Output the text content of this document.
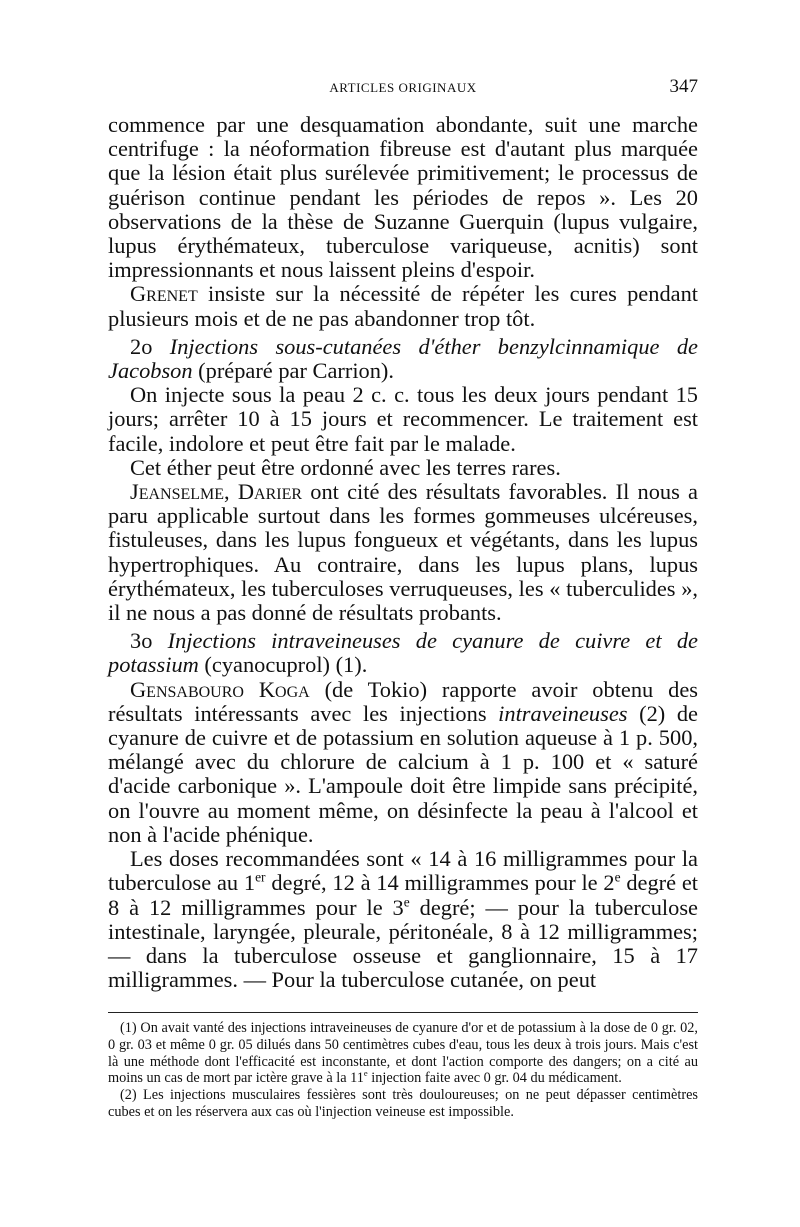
ARTICLES ORIGINAUX	347

commence par une desquamation abondante, suit une marche centrifuge : la néoformation fibreuse est d'autant plus marquée que la lésion était plus surélevée primitivement; le processus de guérison continue pendant les périodes de repos ». Les 20 observations de la thèse de Suzanne Guerquin (lupus vulgaire, lupus érythémateux, tuberculose variqueuse, acnitis) sont impressionnants et nous laissent pleins d'espoir.

Grenet insiste sur la nécessité de répéter les cures pendant plusieurs mois et de ne pas abandonner trop tôt.

2o Injections sous-cutanées d'éther benzylcinnamique de Jacobson (préparé par Carrion).

On injecte sous la peau 2 c. c. tous les deux jours pendant 15 jours; arrêter 10 à 15 jours et recommencer. Le traitement est facile, indolore et peut être fait par le malade.

Cet éther peut être ordonné avec les terres rares.

Jeanselme, Darier ont cité des résultats favorables. Il nous a paru applicable surtout dans les formes gommeuses ulcéreuses, fistuleuses, dans les lupus fongueux et végétants, dans les lupus hypertrophiques. Au contraire, dans les lupus plans, lupus érythémateux, les tuberculoses verruqueuses, les « tuberculides », il ne nous a pas donné de résultats probants.

3o Injections intraveineuses de cyanure de cuivre et de potassium (cyanocuprol) (1).

Gensabouro Koga (de Tokio) rapporte avoir obtenu des résultats intéressants avec les injections intraveineuses (2) de cyanure de cuivre et de potassium en solution aqueuse à 1 p. 500, mélangé avec du chlorure de calcium à 1 p. 100 et « saturé d'acide carbonique ». L'ampoule doit être limpide sans précipité, on l'ouvre au moment même, on désinfecte la peau à l'alcool et non à l'acide phénique.

Les doses recommandées sont « 14 à 16 milligrammes pour la tuberculose au 1er degré, 12 à 14 milligrammes pour le 2e degré et 8 à 12 milligrammes pour le 3e degré; — pour la tuberculose intestinale, laryngée, pleurale, péritonéale, 8 à 12 milligrammes; — dans la tuberculose osseuse et ganglionnaire, 15 à 17 milligrammes. — Pour la tuberculose cutanée, on peut

(1) On avait vanté des injections intraveineuses de cyanure d'or et de potassium à la dose de 0 gr. 02, 0 gr. 03 et même 0 gr. 05 dilués dans 50 centimètres cubes d'eau, tous les deux à trois jours. Mais c'est là une méthode dont l'efficacité est inconstante, et dont l'action comporte des dangers; on a cité au moins un cas de mort par ictère grave à la 11e injection faite avec 0 gr. 04 du médicament.

(2) Les injections musculaires fessières sont très douloureuses; on ne peut dépasser centimètres cubes et on les réservera aux cas où l'injection veineuse est impossible.
